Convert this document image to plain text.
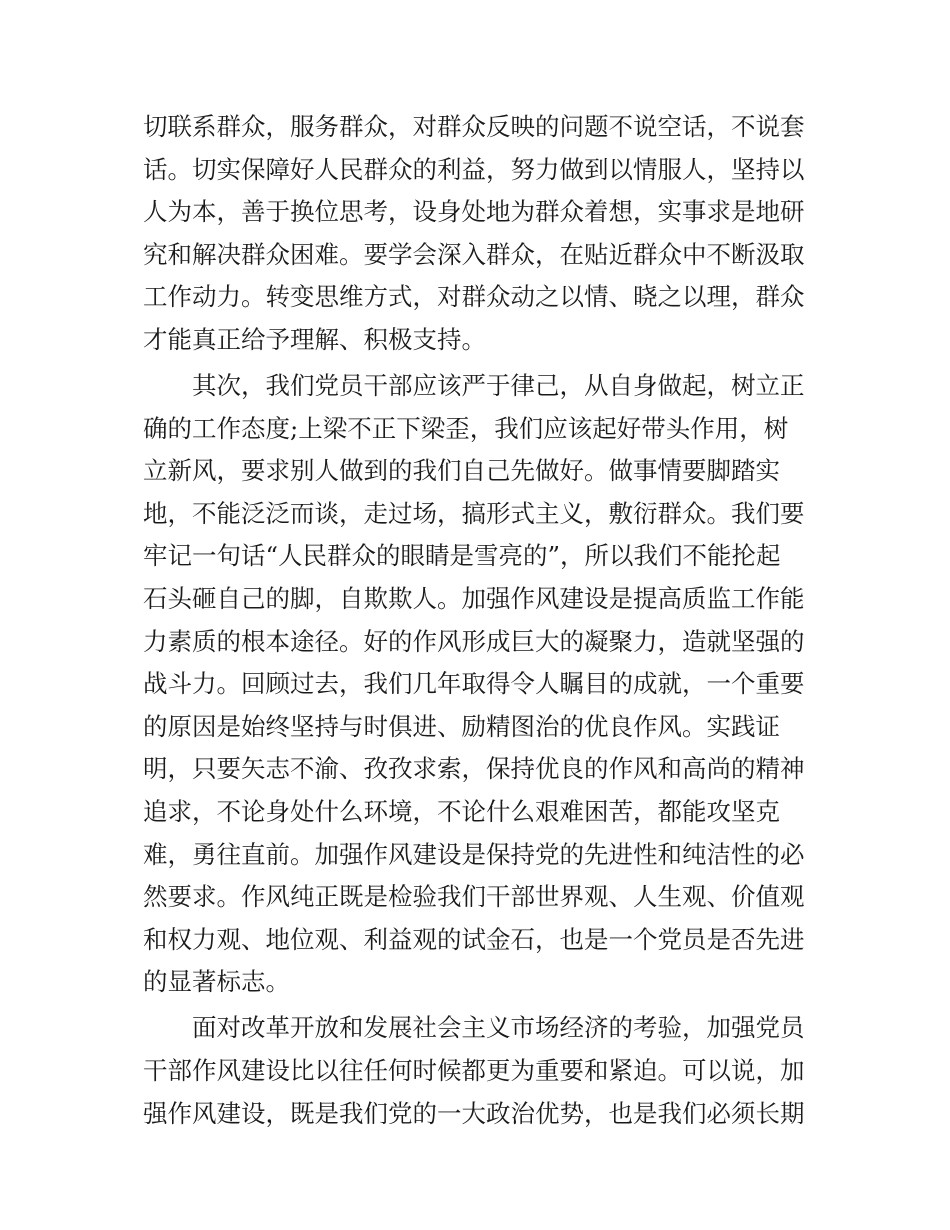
切联系群众，服务群众，对群众反映的问题不说空话，不说套
话。切实保障好人民群众的利益，努力做到以情服人，坚持以
人为本，善于换位思考，设身处地为群众着想，实事求是地研
究和解决群众困难。要学会深入群众，在贴近群众中不断汲取
工作动力。转变思维方式，对群众动之以情、晓之以理，群众
才能真正给予理解、积极支持。
其次，我们党员干部应该严于律己，从自身做起，树立正
确的工作态度;上梁不正下梁歪，我们应该起好带头作用，树
立新风，要求别人做到的我们自己先做好。做事情要脚踏实
地，不能泛泛而谈，走过场，搞形式主义，敷衍群众。我们要
牢记一句话“人民群众的眼睛是雪亮的”，所以我们不能抡起
石头砸自己的脚，自欺欺人。加强作风建设是提高质监工作能
力素质的根本途径。好的作风形成巨大的凝聚力，造就坚强的
战斗力。回顾过去，我们几年取得令人瞩目的成就，一个重要
的原因是始终坚持与时俱进、励精图治的优良作风。实践证
明，只要矢志不渝、孜孜求索，保持优良的作风和高尚的精神
追求，不论身处什么环境，不论什么艰难困苦，都能攻坚克
难，勇往直前。加强作风建设是保持党的先进性和纯洁性的必
然要求。作风纯正既是检验我们干部世界观、人生观、价值观
和权力观、地位观、利益观的试金石，也是一个党员是否先进
的显著标志。
面对改革开放和发展社会主义市场经济的考验，加强党员
干部作风建设比以往任何时候都更为重要和紧迫。可以说，加
强作风建设，既是我们党的一大政治优势，也是我们必须长期
